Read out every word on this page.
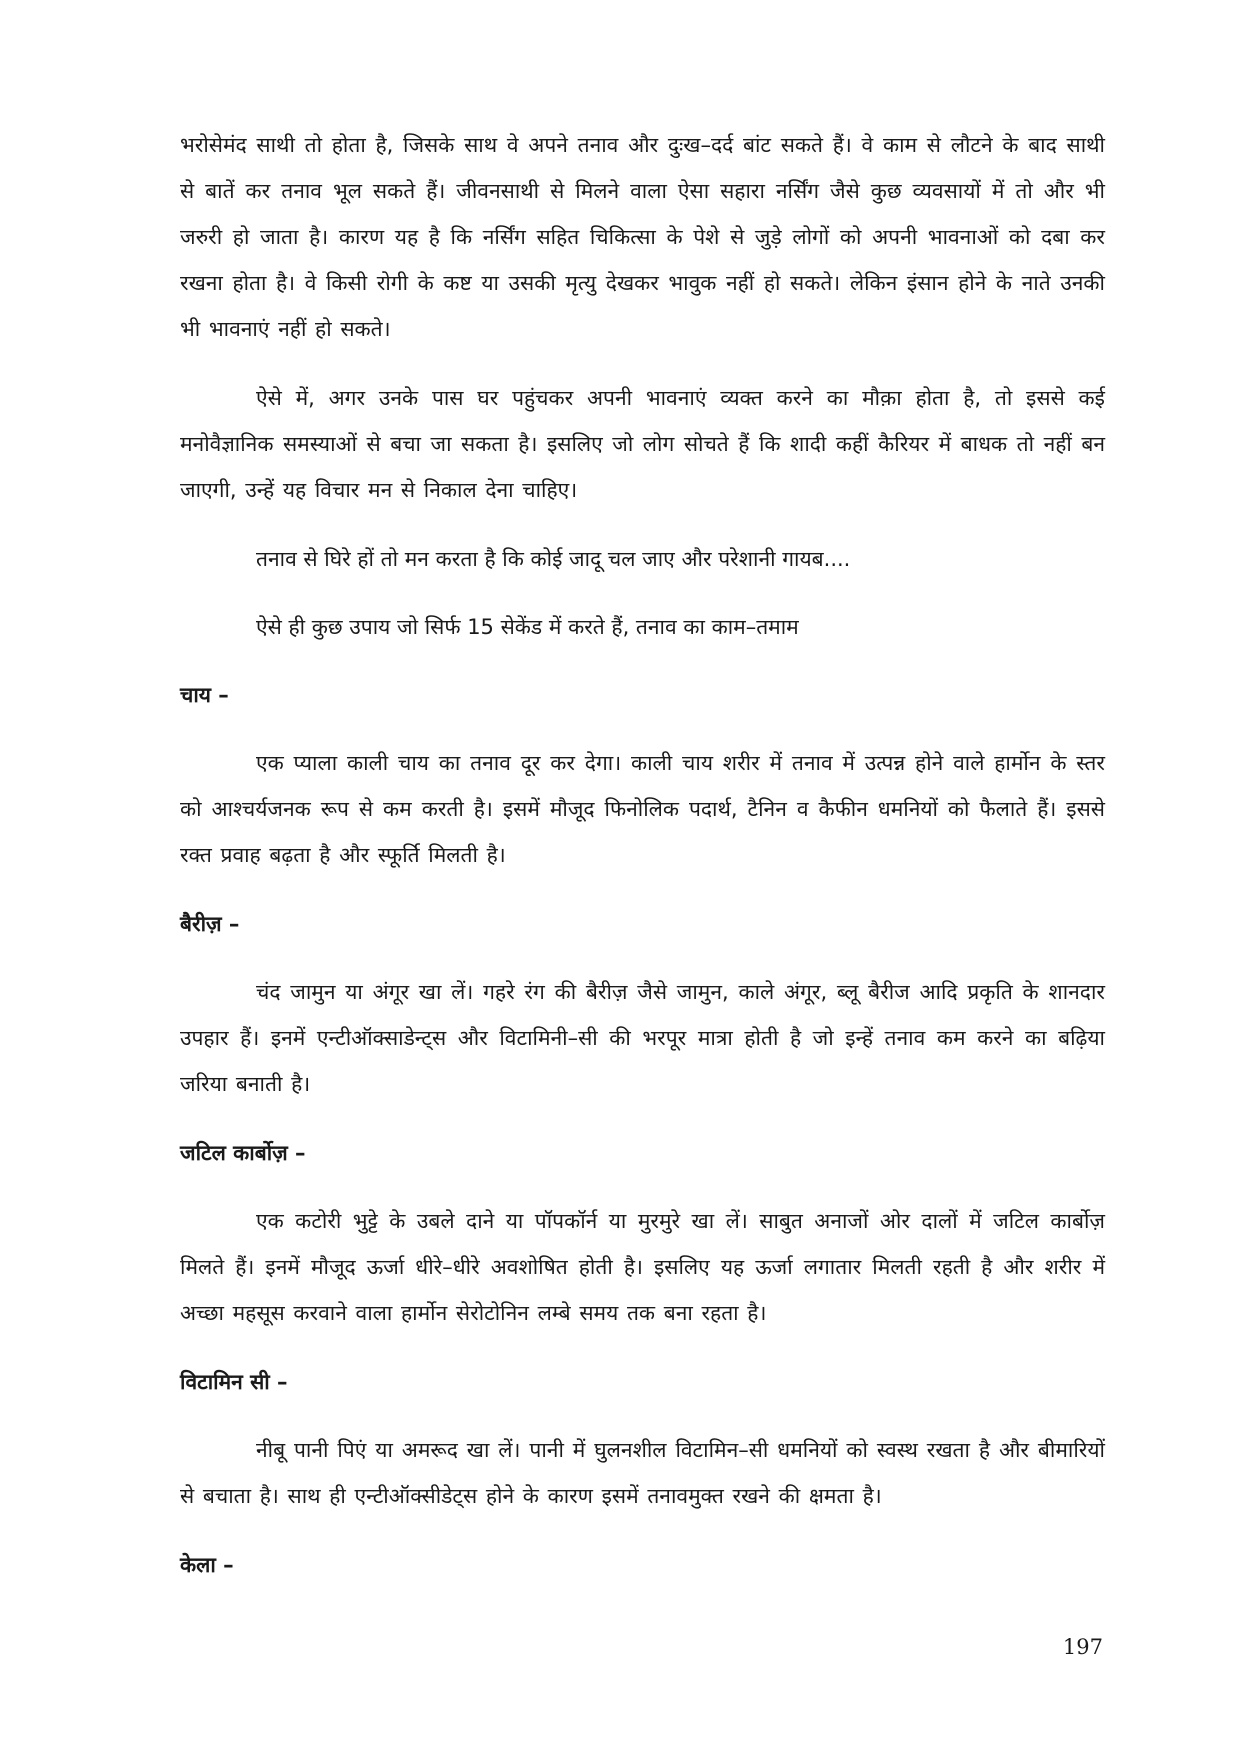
भरोसेमंद साथी तो होता है, जिसके साथ वे अपने तनाव और दुःख–दर्द बांट सकते हैं। वे काम से लौटने के बाद साथी से बातें कर तनाव भूल सकते हैं। जीवनसाथी से मिलने वाला ऐसा सहारा नर्सिंग जैसे कुछ व्यवसायों में तो और भी जरुरी हो जाता है। कारण यह है कि नर्सिंग सहित चिकित्सा के पेशे से जुड़े लोगों को अपनी भावनाओं को दबा कर रखना होता है। वे किसी रोगी के कष्ट या उसकी मृत्यु देखकर भावुक नहीं हो सकते। लेकिन इंसान होने के नाते उनकी भी भावनाएं नहीं हो सकते।

ऐसे में, अगर उनके पास घर पहुंचकर अपनी भावनाएं व्यक्त करने का मौक़ा होता है, तो इससे कई मनोवैज्ञानिक समस्याओं से बचा जा सकता है। इसलिए जो लोग सोचते हैं कि शादी कहीं कैरियर में बाधक तो नहीं बन जाएगी, उन्हें यह विचार मन से निकाल देना चाहिए।

तनाव से घिरे हों तो मन करता है कि कोई जादू चल जाए और परेशानी गायब....

ऐसे ही कुछ उपाय जो सिर्फ 15 सेकेंड में करते हैं, तनाव का काम–तमाम

चाय –

एक प्याला काली चाय का तनाव दूर कर देगा। काली चाय शरीर में तनाव में उत्पन्न होने वाले हार्मोन के स्तर को आश्चर्यजनक रूप से कम करती है। इसमें मौजूद फिनोलिक पदार्थ, टैनिन व कैफीन धमनियों को फैलाते हैं। इससे रक्त प्रवाह बढ़ता है और स्फूर्ति मिलती है।

बैरीज़ –

चंद जामुन या अंगूर खा लें। गहरे रंग की बैरीज़ जैसे जामुन, काले अंगूर, ब्लू बैरीज आदि प्रकृति के शानदार उपहार हैं। इनमें एन्टीऑक्साडेन्ट्स और विटामिनी–सी की भरपूर मात्रा होती है जो इन्हें तनाव कम करने का बढ़िया जरिया बनाती है।

जटिल कार्बोज़ –

एक कटोरी भुट्टे के उबले दाने या पॉपकॉर्न या मुरमुरे खा लें। साबुत अनाजों ओर दालों में जटिल कार्बोज़ मिलते हैं। इनमें मौजूद ऊर्जा धीरे–धीरे अवशोषित होती है। इसलिए यह ऊर्जा लगातार मिलती रहती है और शरीर में अच्छा महसूस करवाने वाला हार्मोन सेरोटोनिन लम्बे समय तक बना रहता है।

विटामिन सी –

नीबू पानी पिएं या अमरूद खा लें। पानी में घुलनशील विटामिन–सी धमनियों को स्वस्थ रखता है और बीमारियों से बचाता है। साथ ही एन्टीऑक्सीडेट्स होने के कारण इसमें तनावमुक्त रखने की क्षमता है।

केला –
197
